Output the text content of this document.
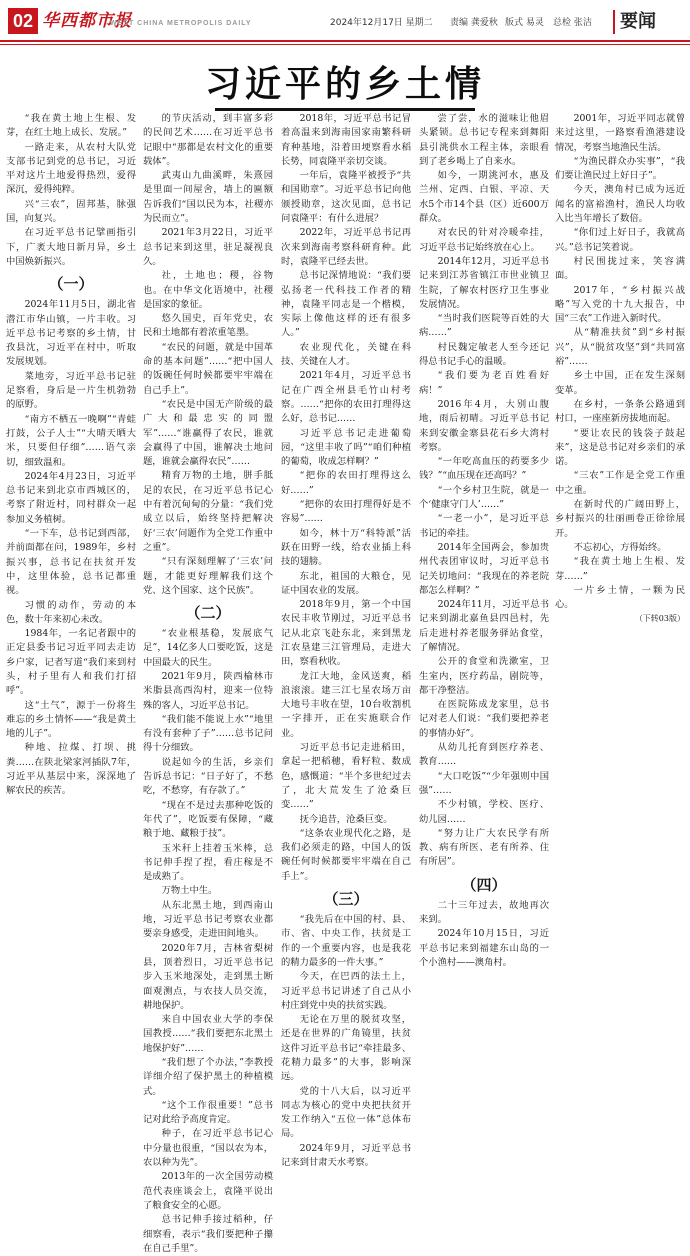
02 华西都市报
WEST CHINA METROPOLIS DAILY	2024年12月17日 星期二 责编 龚爱秋 版式 易灵 总检 张洁 要闻
习近平的乡土情

“我在黄土地上生根、发芽，在红土地上成长、发展。”

一路走来，从农村大队党支部书记到党的总书记，习近平对这片土地爱得热烈，爱得深沉，爱得纯粹。

兴“三农”，固邦基，脉强国，向复兴。

在习近平总书记擘画指引下，广袤大地日新月异，乡土中国焕新振兴。

（一）

2024年11月5日，湖北省潜江市华山镇，一片丰收。习近平总书记考察的乡土情，甘孜县沈，习近平在村中，听取发展规划。

菜地旁，习近平总书记驻足察看，身后是一片生机勃勃的原野。

“南方不栖五一晚啊”“青蛙打鼓，公子人士”“大晴天晒大米，只要但仔细”……语气亲切，细致温和。

2024年4月23日，习近平总书记来到北京市西城区的，考察了附近村，同村群众一起参加义务植树。

“一下车，总书记到西部，并前面都在问，1989年，乡村振兴事，总书记在扶贫开发中，这里体验，总书记都重视。

习惯的动作，劳动的本色，数十年来初心未改。

1984年，一名记者跟中的正定县委书记习近平同去走访乡户家，记者写道“我们来到村头，村子里有人和我们打招呼”。

这“土气”，源于一份将生难忘的乡土情怀——“我是黄土地的儿子”。

种地、拉煤、打坝、挑粪……在陕北梁家河插队7年，习近平从基层中来，深深地了解农民的疾苦。

的节庆活动，到丰富多彩的民间艺术……在习近平总书记眼中“那都是农村文化的重要载体”。

武夷山九曲溪畔，朱熹园是里面一间屋舍，墙上的匾额告诉我们“国以民为本，社稷亦为民而立”。

2021年3月22日，习近平总书记来到这里，驻足凝视良久。

社，土地也；稷，谷物也。在中华文化语境中，社稷是国家的象征。

悠久国史，百年党史，农民和土地都有着浓重笔墨。

“农民的问题，就是中国革命的基本问题”……“把中国人的饭碗任何时候都要牢牢端在自己手上”。

“农民是中国无产阶级的最广大和最忠实的同盟军”……“谁赢得了农民，谁就会赢得了中国，谁解决土地问题，谁就会赢得农民”……

精育万物的土地，胼手胝足的农民，在习近平总书记心中有着沉甸甸的分量：“我们党成立以后，始终坚持把解决好‘三农’问题作为全党工作重中之重”。

“只有深刻理解了‘三农’问题，才能更好理解我们这个党、这个国家、这个民族”。

（二）

“农业根基稳，发展底气足”，14亿多人口要吃饭，这是中国最大的民生。

2021年9月，陕西榆林市米脂县高西沟村，迎来一位特殊的客人，习近平总书记。

“我们能不能说上水”“地里有没有套种了子”……总书记问得十分细致。

说起如今的生活，乡亲们告诉总书记：“日子好了，不愁吃，不愁穿，有存款了。”

“现在不是过去那种吃饭的年代了”，吃饭要有保障，“藏粮于地、藏粮于技”。

玉米秆上挂着玉米棒，总书记伸手捏了捏，看庄稼是不是成熟了。

万物土中生。

从东北黑土地，到西南山地，习近平总书记考察农业都要亲身感受，走进田间地头。

2020年7月，吉林省梨树县，顶着烈日，习近平总书记步入玉米地深处，走到黑土断面观测点，与农技人员交流，耕地保护。

来自中国农业大学的李保国教授……“我们要把东北黑土地保护好”……

“我们想了个办法，”李教授详细介绍了保护黑土的种植模式。

“这个工作很重要！”总书记对此给予高度肯定。

种子，在习近平总书记心中分量也很重，“国以农为本，农以种为先”。

2013年的一次全国劳动模范代表座谈会上，袁隆平说出了粮食安全的心愿。

总书记伸手接过稻种，仔细察看，表示“我们要把种子攥在自己手里”。

2018年，习近平总书记冒着高温来到海南国家南繁科研育种基地，沿着田埂察看水稻长势，同袁隆平亲切交谈。

一年后，袁隆平被授予“共和国勋章”。习近平总书记向他颁授勋章，这次见面，总书记问袁隆平：有什么进展？

2022年，习近平总书记再次来到海南考察科研育种。此时，袁隆平已经去世。

总书记深情地说：“我们要弘扬老一代科技工作者的精神，袁隆平同志是一个楷模，实际上像他这样的还有很多人。”

农业现代化，关键在科技、关键在人才。

2021年4月，习近平总书记在广西全州县毛竹山村考察。……“把你的农田打理得这么好，总书记……

习近平总书记走进葡萄园，“这里丰收了吗”“咱们种植的葡萄，收成怎样啊？”

“把你的农田打理得这么好……”

“把你的农田打理得好是不容易”……

如今，林十万“科特派”活跃在田野一线，给农业插上科技的翅膀。

东北，祖国的大粮仓，见证中国农业的发展。

2018年9月，第一个中国农民丰收节刚过，习近平总书记从北京飞赴东北，来到黑龙江农垦建三江管理局，走进大田，察看秋收。

龙江大地，金风送爽，稻浪滚滚。建三江七星农场万亩大地号丰收在望，10台收割机一字排开，正在实施联合作业。

习近平总书记走进稻田，拿起一把稻穗，看籽粒、数成色，感慨道：“半个多世纪过去了，北大荒发生了沧桑巨变……”

抚今追昔，沧桑巨变。

“这条农业现代化之路，是我们必须走的路，中国人的饭碗任何时候都要牢牢端在自己手上”。

（三）

“我先后在中国的村、县、市、省、中央工作，扶贫是工作的一个重要内容，也是我花的精力最多的一件大事。”

今天，在巴西的法土上，习近平总书记讲述了自己从小村庄到党中央的扶贫实践。

无论在万里的脱贫攻坚，还是在世界的广角镜里，扶贫这件习近平总书记“牵挂最多、花精力最多”的大事，影响深远。

党的十八大后，以习近平同志为核心的党中央把扶贫开发工作纳入“五位一体”总体布局。

2024年9月，习近平总书记来到甘肃天水考察。

尝了尝，水的滋味让他眉头紧锁。总书记专程来到舞阳县引洮供水工程主体，亲眼看到了老乡喝上了自来水。

如今，一期洮河水，惠及兰州、定西、白银、平凉、天水5个市14个县（区）近600万群众。

对农民的针对冷暖牵挂，习近平总书记始终放在心上。

2014年12月，习近平总书记来到江苏省镇江市世业镇卫生院，了解农村医疗卫生事业发展情况。

“当时我们医院等百姓的大病……”

村民魏定敏老人至今还记得总书记手心的温暖。

“我们要为老百姓看好病！”

2016年4月，大别山腹地，雨后初晴。习近平总书记来到安徽金寨县花石乡大湾村考察。

“一年吃高血压的药要多少钱？”“血压现在还高吗？”

“一个乡村卫生院，就是一个‘健康守门人’……”

“一老一小”，是习近平总书记的牵挂。

2014年全国两会，参加贵州代表团审议时，习近平总书记关切地问：“我现在的养老院都怎么样啊？”

2024年11月，习近平总书记来到湖北嘉鱼县四邑村，先后走进村养老服务驿站食堂，了解情况。

公开的食堂和洗漱室，卫生室内，医疗药品，剧院等，都干净整洁。

在医院陈成龙家里，总书记对老人们说：“我们要把养老的事情办好”。

从幼儿托育到医疗养老、教育……

“大口吃饭”“少年强则中国强”……

不少村镇，学校、医疗、幼儿园……

“努力让广大农民学有所教、病有所医、老有所养、住有所居”。

（四）

二十三年过去，故地再次来到。

2024年10月15日，习近平总书记来到福建东山岛的一个小渔村——澳角村。

2001年，习近平同志就曾来过这里，一路察看渔港建设情况，考察当地渔民生活。

“为渔民群众办实事”，“我们要让渔民过上好日子”。

今天，澳角村已成为远近闻名的富裕渔村，渔民人均收入比当年增长了数倍。

“你们过上好日子，我就高兴。”总书记笑着说。

村民围拢过来，笑容满面。

2017年，“乡村振兴战略”写入党的十九大报告，中国“三农”工作进入新时代。

从“精准扶贫”到“乡村振兴”，从“脱贫攻坚”到“共同富裕”……

乡土中国，正在发生深刻变革。

在乡村，一条条公路通到村口，一座座新房拔地而起。

“要让农民的钱袋子鼓起来”，这是总书记对乡亲们的承诺。

“三农”工作是全党工作重中之重。

在新时代的广阔田野上，乡村振兴的壮丽画卷正徐徐展开。

不忘初心，方得始终。

“我在黄土地上生根、发芽……”

一片乡土情，一颗为民心。

（下转03版）
